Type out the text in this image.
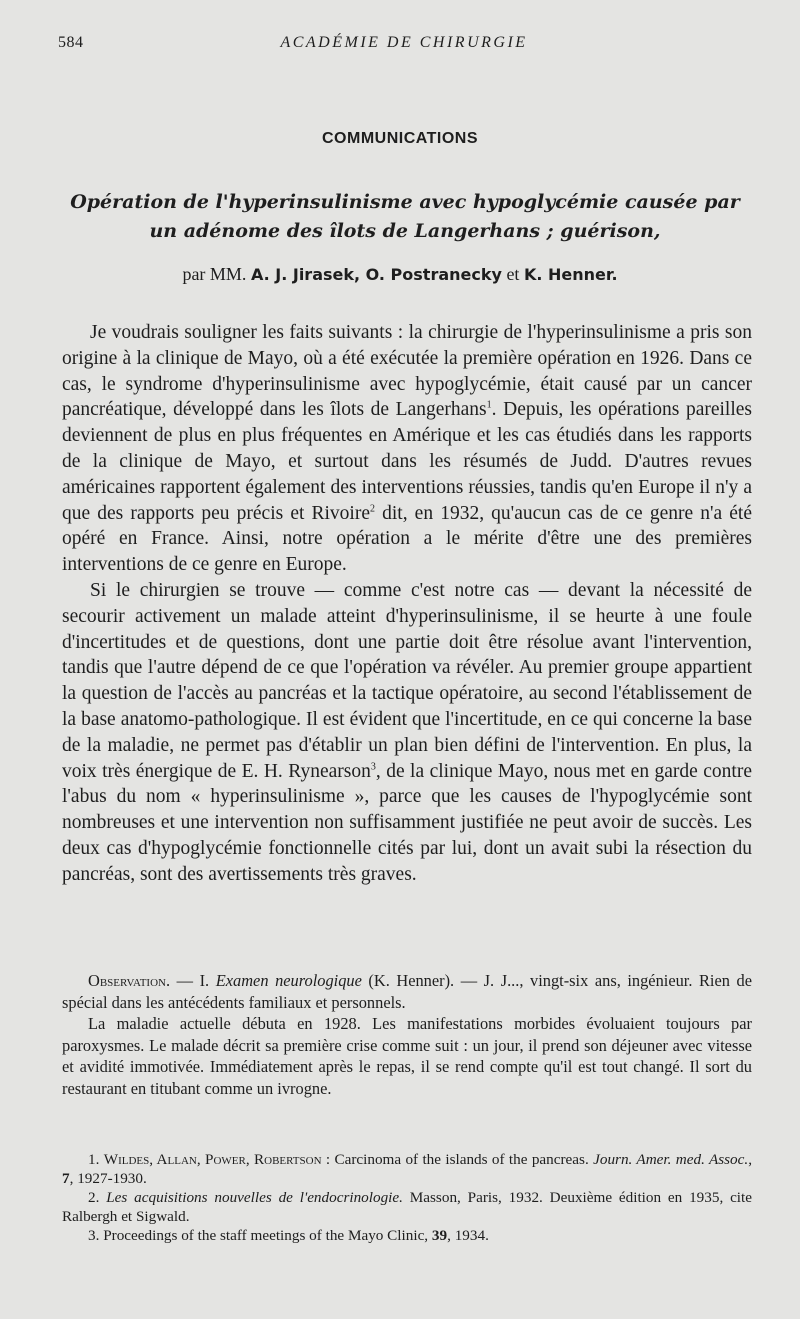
584	ACADÉMIE DE CHIRURGIE
COMMUNICATIONS
Opération de l'hyperinsulinisme avec hypoglycémie causée par un adénome des îlots de Langerhans ; guérison,
par MM. A. J. Jirasek, O. Postranecky et K. Henner.

Je voudrais souligner les faits suivants : la chirurgie de l'hyperinsulinisme a pris son origine à la clinique de Mayo, où a été exécutée la première opération en 1926. Dans ce cas, le syndrome d'hyperinsulinisme avec hypoglycémie, était causé par un cancer pancréatique, développé dans les îlots de Langerhans$^1$. Depuis, les opérations pareilles deviennent de plus en plus fréquentes en Amérique et les cas étudiés dans les rapports de la clinique de Mayo, et surtout dans les résumés de Judd. D'autres revues américaines rapportent également des interventions réussies, tandis qu'en Europe il n'y a que des rapports peu précis et Rivoire$^2$ dit, en 1932, qu'aucun cas de ce genre n'a été opéré en France. Ainsi, notre opération a le mérite d'être une des premières interventions de ce genre en Europe.

Si le chirurgien se trouve — comme c'est notre cas — devant la nécessité de secourir activement un malade atteint d'hyperinsulinisme, il se heurte à une foule d'incertitudes et de questions, dont une partie doit être résolue avant l'intervention, tandis que l'autre dépend de ce que l'opération va révéler. Au premier groupe appartient la question de l'accès au pancréas et la tactique opératoire, au second l'établissement de la base anatomo-pathologique. Il est évident que l'incertitude, en ce qui concerne la base de la maladie, ne permet pas d'établir un plan bien défini de l'intervention. En plus, la voix très énergique de E. H. Rynearson$^3$, de la clinique Mayo, nous met en garde contre l'abus du nom « hyperinsulinisme », parce que les causes de l'hypoglycémie sont nombreuses et une intervention non suffisamment justifiée ne peut avoir de succès. Les deux cas d'hypoglycémie fonctionnelle cités par lui, dont un avait subi la résection du pancréas, sont des avertissements très graves.

Observation. — I. Examen neurologique (K. Henner). — J. J..., vingt-six ans, ingénieur. Rien de spécial dans les antécédents familiaux et personnels.

La maladie actuelle débuta en 1928. Les manifestations morbides évoluaient toujours par paroxysmes. Le malade décrit sa première crise comme suit : un jour, il prend son déjeuner avec vitesse et avidité immotivée. Immédiatement après le repas, il se rend compte qu'il est tout changé. Il sort du restaurant en titubant comme un ivrogne.

1. Wildes, Allan, Power, Robertson : Carcinoma of the islands of the pancreas. Journ. Amer. med. Assoc., 7, 1927-1930.

2. Les acquisitions nouvelles de l'endocrinologie. Masson, Paris, 1932. Deuxième édition en 1935, cite Ralbergh et Sigwald.

3. Proceedings of the staff meetings of the Mayo Clinic, 39, 1934.
